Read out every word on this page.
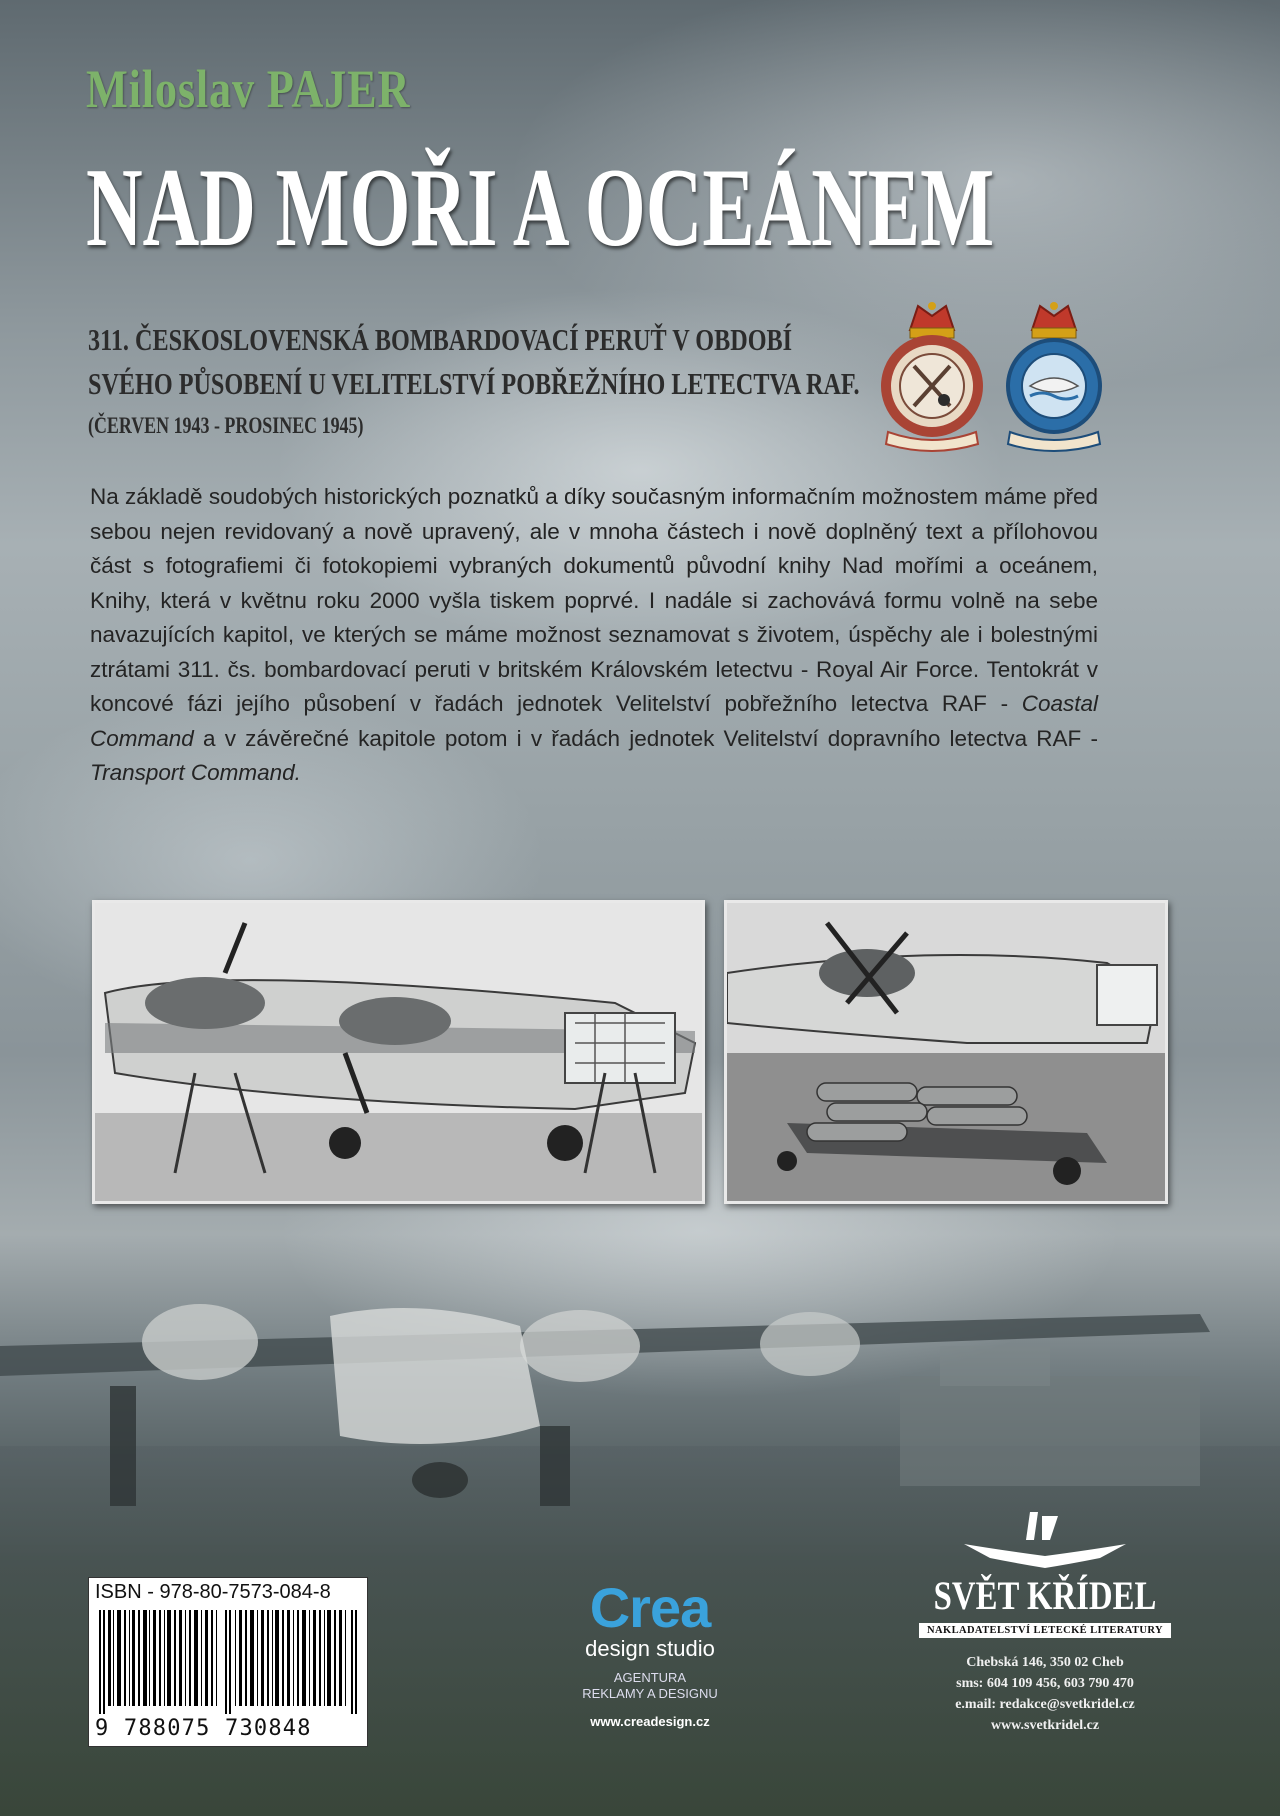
Miloslav PAJER
NAD MOŘI A OCEÁNEM
311. ČESKOSLOVENSKÁ BOMBARDOVACÍ PERUŤ V OBDOBÍ
SVÉHO PŮSOBENÍ U VELITELSTVÍ POBŘEŽNÍHO LETECTVA RAF.
(ČERVEN 1943 - PROSINEC 1945)
Na základě soudobých historických poznatků a díky současným informačním možnostem máme před sebou nejen revidovaný a nově upravený, ale v mnoha částech i nově doplněný text a přílohovou část s fotografiemi či fotokopiemi vybraných dokumentů původní knihy Nad mořími a oceánem, Knihy, která v květnu roku 2000 vyšla tiskem poprvé. I nadále si zachovává formu volně na sebe navazujících kapitol, ve kterých se máme možnost seznamovat s životem, úspěchy ale i bolestnými ztrátami 311. čs. bombardovací peruti v britském Královském letectvu - Royal Air Force. Tentokrát v koncové fázi jejího působení v řadách jednotek Velitelství pobřežního letectva RAF - Coastal Command a v závěrečné kapitole potom i v řadách jednotek Velitelství dopravního letectva RAF - Transport Command.
ISBN - 978-80-7573-084-8
9 788075 730848
Crea
design studio
AGENTURA
REKLAMY A DESIGNU
www.creadesign.cz
SVĚT KŘÍDEL
NAKLADATELSTVÍ LETECKÉ LITERATURY
Chebská 146, 350 02 Cheb
sms: 604 109 456, 603 790 470
e.mail: redakce@svetkridel.cz
www.svetkridel.cz
